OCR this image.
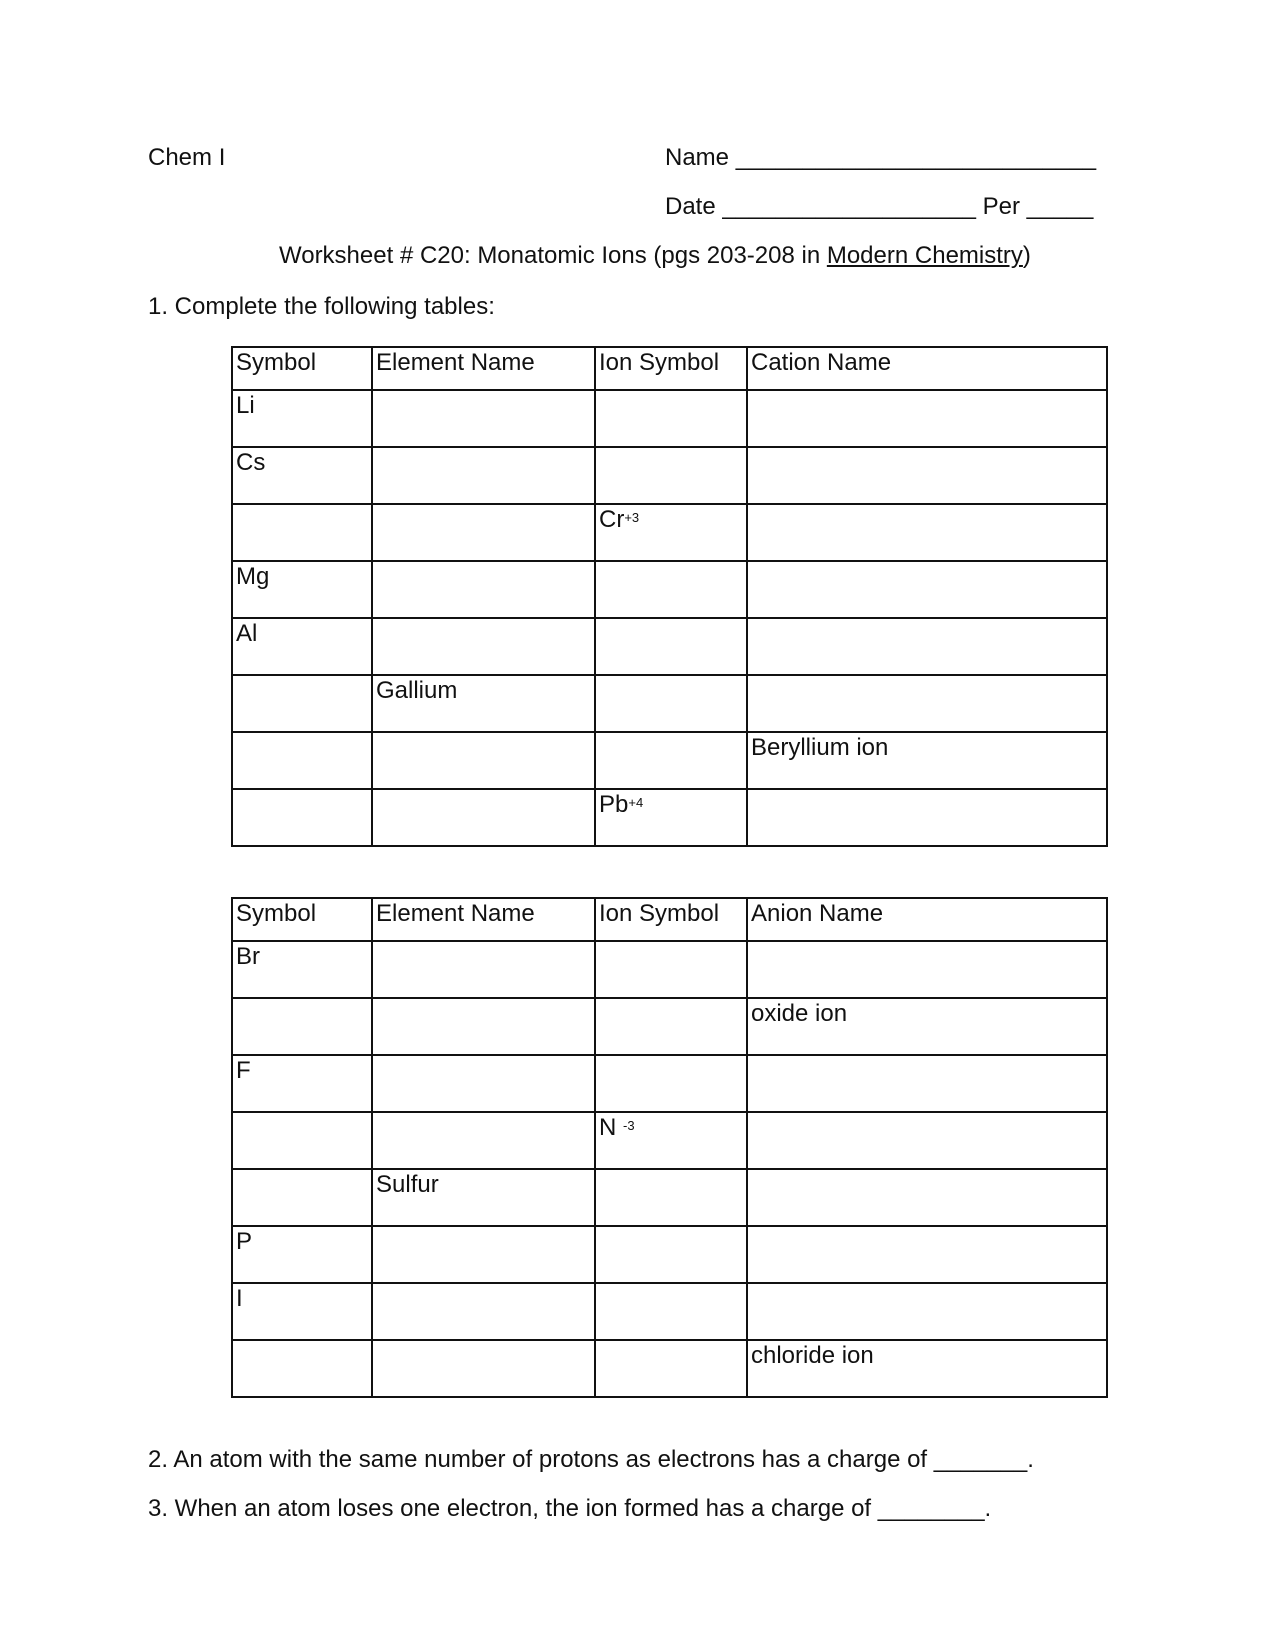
Chem I	Name ___________________________
Date ___________________ Per _____
Worksheet # C20: Monatomic Ions (pgs 203-208 in Modern Chemistry)
1. Complete the following tables:
Symbol	Element Name	Ion Symbol	Cation Name
Li			
Cs			
		$Cr^{+3}$	
Mg			
Al			
	Gallium		
			Beryllium ion
		$Pb^{+4}$	
Symbol	Element Name	Ion Symbol	Anion Name
Br			
			oxide ion
F			
		N $^{-3}$	
	Sulfur		
P			
I			
			chloride ion
2. An atom with the same number of protons as electrons has a charge of _______.
3. When an atom loses one electron, the ion formed has a charge of ________.
